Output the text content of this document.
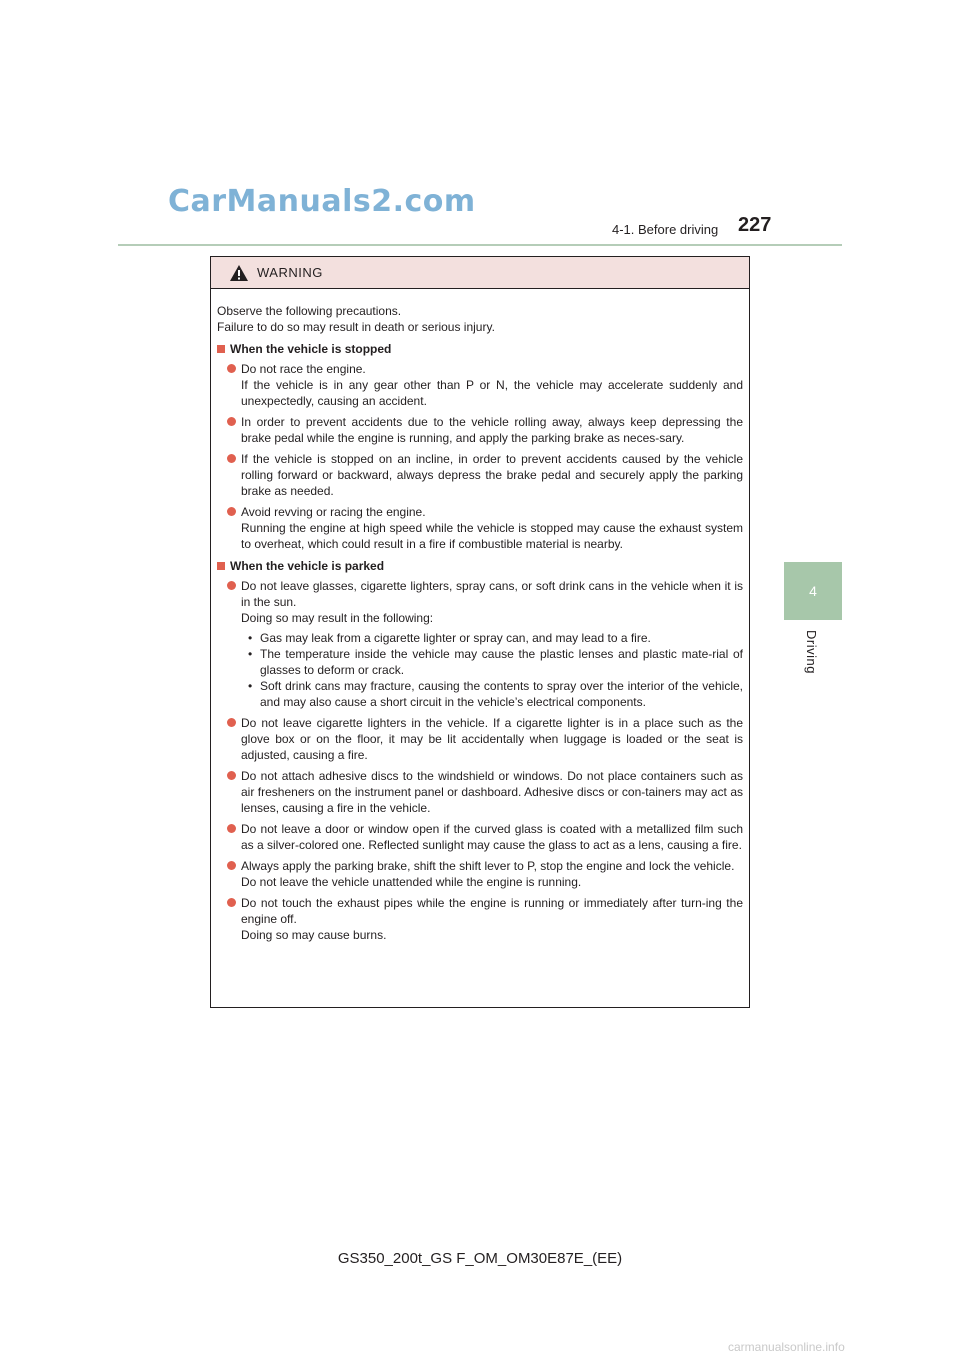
CarManuals2.com
4-1. Before driving 227
4
Driving
WARNING

Observe the following precautions.
Failure to do so may result in death or serious injury.

When the vehicle is stopped

Do not race the engine.

If the vehicle is in any gear other than P or N, the vehicle may accelerate suddenly and unexpectedly, causing an accident.

In order to prevent accidents due to the vehicle rolling away, always keep depressing the brake pedal while the engine is running, and apply the parking brake as neces-sary.

If the vehicle is stopped on an incline, in order to prevent accidents caused by the vehicle rolling forward or backward, always depress the brake pedal and securely apply the parking brake as needed.

Avoid revving or racing the engine.

Running the engine at high speed while the vehicle is stopped may cause the exhaust system to overheat, which could result in a fire if combustible material is nearby.

When the vehicle is parked

Do not leave glasses, cigarette lighters, spray cans, or soft drink cans in the vehicle when it is in the sun.

Doing so may result in the following:

• Gas may leak from a cigarette lighter or spray can, and may lead to a fire.
• The temperature inside the vehicle may cause the plastic lenses and plastic mate-rial of glasses to deform or crack.
• Soft drink cans may fracture, causing the contents to spray over the interior of the vehicle, and may also cause a short circuit in the vehicle’s electrical components.

Do not leave cigarette lighters in the vehicle. If a cigarette lighter is in a place such as the glove box or on the floor, it may be lit accidentally when luggage is loaded or the seat is adjusted, causing a fire.

Do not attach adhesive discs to the windshield or windows. Do not place containers such as air fresheners on the instrument panel or dashboard. Adhesive discs or con-tainers may act as lenses, causing a fire in the vehicle.

Do not leave a door or window open if the curved glass is coated with a metallized film such as a silver-colored one. Reflected sunlight may cause the glass to act as a lens, causing a fire.

Always apply the parking brake, shift the shift lever to P, stop the engine and lock the vehicle.

Do not leave the vehicle unattended while the engine is running.

Do not touch the exhaust pipes while the engine is running or immediately after turn-ing the engine off.

Doing so may cause burns.

GS350_200t_GS F_OM_OM30E87E_(EE)
carmanualsonline.info
